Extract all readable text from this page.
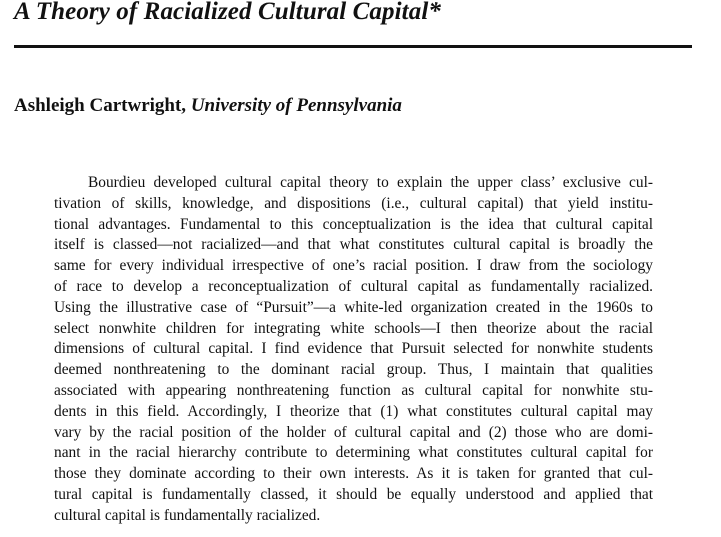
A Theory of Racialized Cultural Capital*

Ashleigh Cartwright, University of Pennsylvania

Bourdieu developed cultural capital theory to explain the upper class’ exclusive cul-
tivation of skills, knowledge, and dispositions (i.e., cultural capital) that yield institu-
tional advantages. Fundamental to this conceptualization is the idea that cultural capital
itself is classed—not racialized—and that what constitutes cultural capital is broadly the
same for every individual irrespective of one’s racial position. I draw from the sociology
of race to develop a reconceptualization of cultural capital as fundamentally racialized.
Using the illustrative case of “Pursuit”—a white-led organization created in the 1960s to
select nonwhite children for integrating white schools—I then theorize about the racial
dimensions of cultural capital. I find evidence that Pursuit selected for nonwhite students
deemed nonthreatening to the dominant racial group. Thus, I maintain that qualities
associated with appearing nonthreatening function as cultural capital for nonwhite stu-
dents in this field. Accordingly, I theorize that (1) what constitutes cultural capital may
vary by the racial position of the holder of cultural capital and (2) those who are domi-
nant in the racial hierarchy contribute to determining what constitutes cultural capital for
those they dominate according to their own interests. As it is taken for granted that cul-
tural capital is fundamentally classed, it should be equally understood and applied that
cultural capital is fundamentally racialized.
